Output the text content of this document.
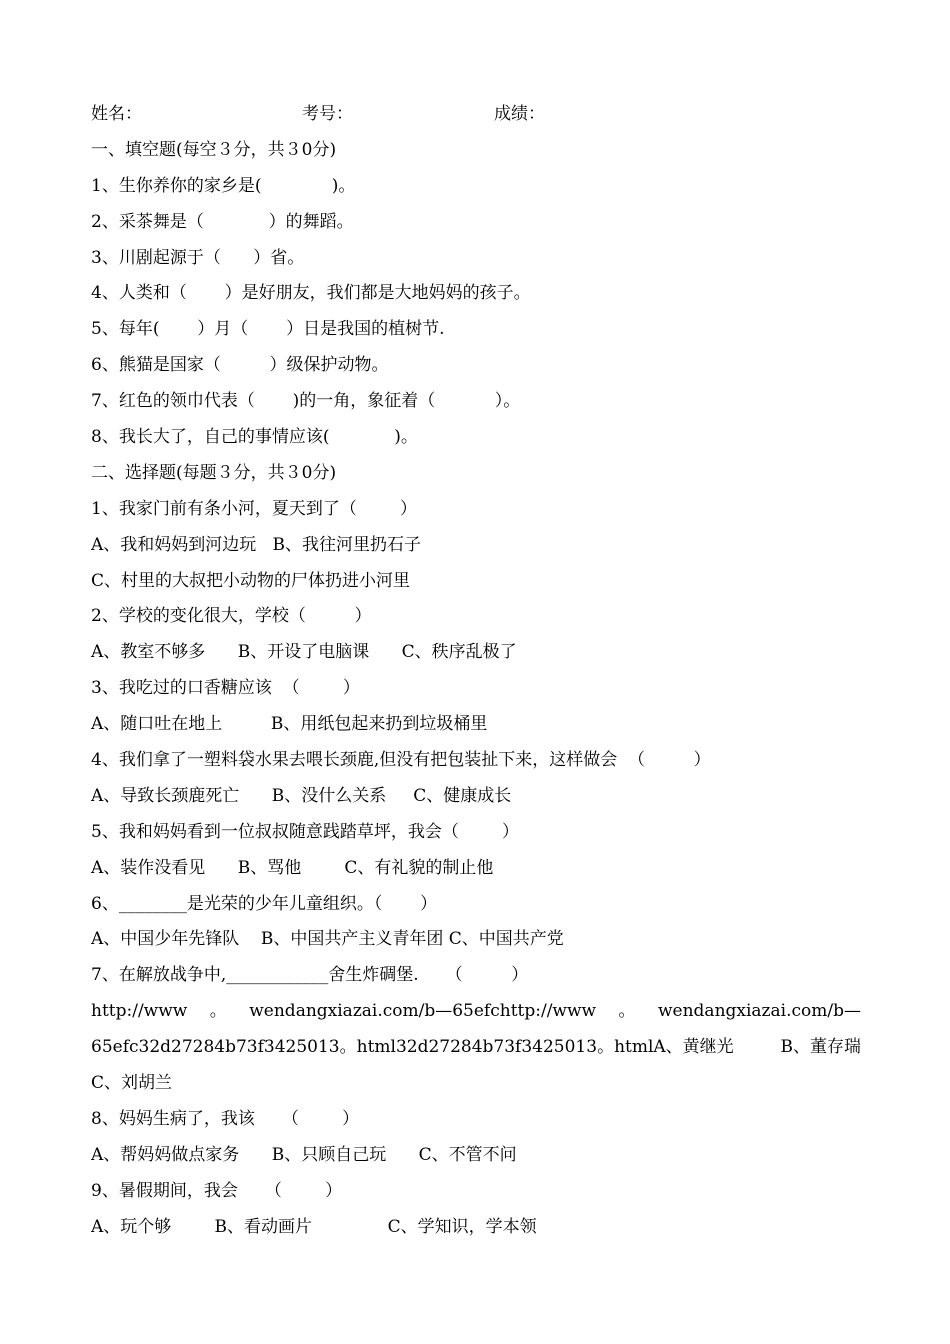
姓名：

	考号：

	成绩：

一、填空题(每空３分，共３0分)
1、生你养你的家乡是(             )。
2、采茶舞是（            ）的舞蹈。
3、川剧起源于（      ）省。
4、人类和（       ）是好朋友，我们都是大地妈妈的孩子。
5、每年(       ）月（       ）日是我国的植树节.
6、熊猫是国家（         ）级保护动物。
7、红色的领巾代表（       )的一角，象征着（           ）。
8、我长大了，自己的事情应该(            )。
二、选择题(每题３分，共３0分)
1、我家门前有条小河，夏天到了（        ）
A、我和妈妈到河边玩   B、我往河里扔石子
C、村里的大叔把小动物的尸体扔进小河里
2、学校的变化很大，学校（         ）
A、教室不够多      B、开设了电脑课      C、秩序乱极了
3、我吃过的口香糖应该  （        ）
A、随口吐在地上         B、用纸包起来扔到垃圾桶里
4、我们拿了一塑料袋水果去喂长颈鹿,但没有把包装扯下来，这样做会  （         ）
A、导致长颈鹿死亡      B、没什么关系     C、健康成长
5、我和妈妈看到一位叔叔随意践踏草坪，我会（        ）
A、装作没看见      B、骂他        C、有礼貌的制止他
6、________是光荣的少年儿童组织。（       ）
A、中国少年先锋队    B、中国共产主义青年团 C、中国共产党
7、在解放战争中,____________舍生炸碉堡.     （         ）
http://www 。 wendangxiazai.com/b—65efchttp://www 。 wendangxiazai.com/b—
65efc32d27284b73f3425013。html32d27284b73f3425013。htmlA、黄继光	B、董存瑞
C、刘胡兰
8、妈妈生病了，我该     （        ）
A、帮妈妈做点家务      B、只顾自己玩      C、不管不问
9、暑假期间，我会     （        ）
A、玩个够        B、看动画片              C、学知识，学本领
